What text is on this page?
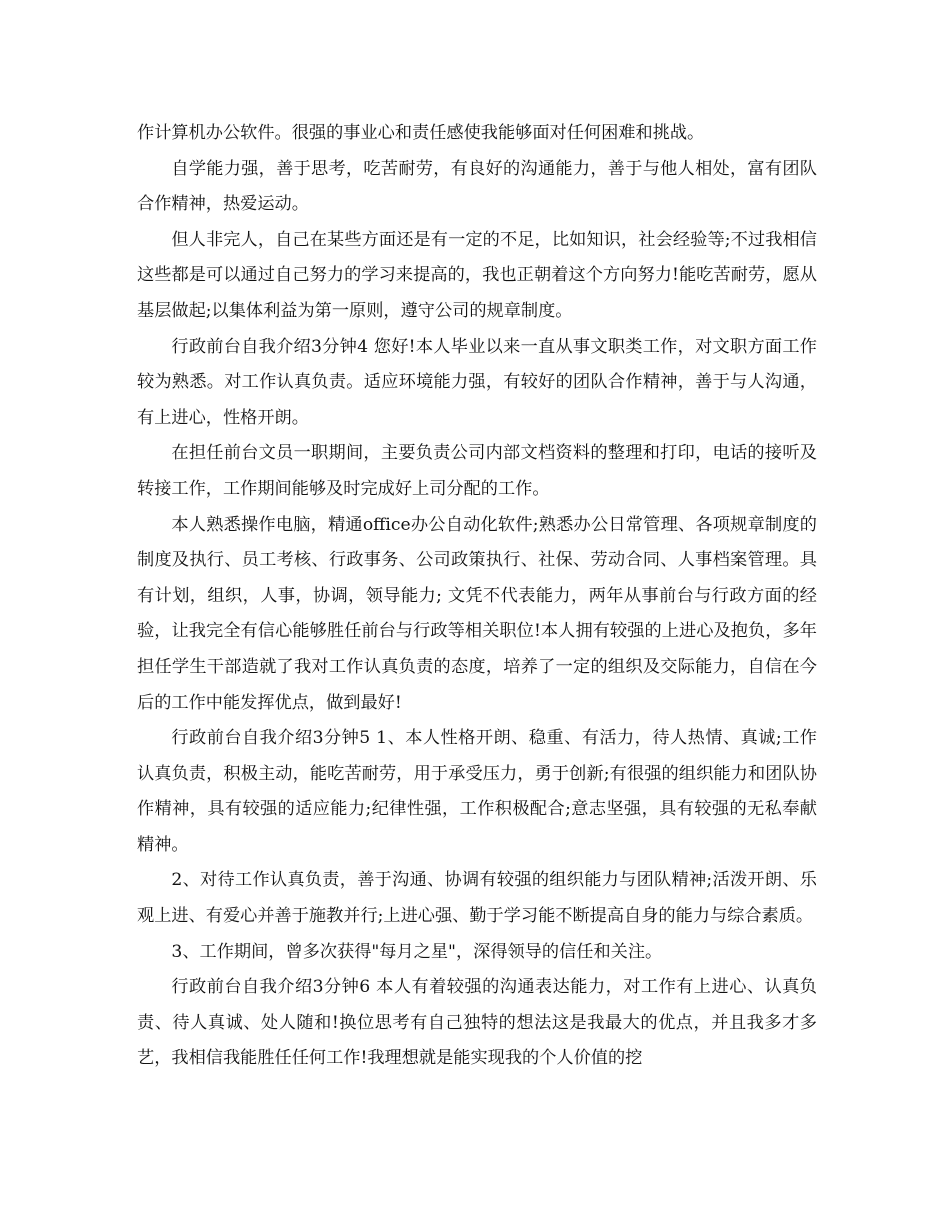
作计算机办公软件。很强的事业心和责任感使我能够面对任何困难和挑战。

自学能力强，善于思考，吃苦耐劳，有良好的沟通能力，善于与他人相处，富有团队合作精神，热爱运动。

但人非完人，自己在某些方面还是有一定的不足，比如知识，社会经验等;不过我相信这些都是可以通过自己努力的学习来提高的，我也正朝着这个方向努力!能吃苦耐劳，愿从基层做起;以集体利益为第一原则，遵守公司的规章制度。

行政前台自我介绍3分钟4 您好!本人毕业以来一直从事文职类工作，对文职方面工作较为熟悉。对工作认真负责。适应环境能力强，有较好的团队合作精神，善于与人沟通，有上进心，性格开朗。

在担任前台文员一职期间，主要负责公司内部文档资料的整理和打印，电话的接听及转接工作，工作期间能够及时完成好上司分配的工作。

本人熟悉操作电脑，精通office办公自动化软件;熟悉办公日常管理、各项规章制度的制度及执行、员工考核、行政事务、公司政策执行、社保、劳动合同、人事档案管理。具有计划，组织，人事，协调，领导能力; 文凭不代表能力，两年从事前台与行政方面的经验，让我完全有信心能够胜任前台与行政等相关职位!本人拥有较强的上进心及抱负，多年担任学生干部造就了我对工作认真负责的态度，培养了一定的组织及交际能力，自信在今后的工作中能发挥优点，做到最好!

行政前台自我介绍3分钟5 1、本人性格开朗、稳重、有活力，待人热情、真诚;工作认真负责，积极主动，能吃苦耐劳，用于承受压力，勇于创新;有很强的组织能力和团队协作精神，具有较强的适应能力;纪律性强，工作积极配合;意志坚强，具有较强的无私奉献精神。

2、对待工作认真负责，善于沟通、协调有较强的组织能力与团队精神;活泼开朗、乐观上进、有爱心并善于施教并行;上进心强、勤于学习能不断提高自身的能力与综合素质。

3、工作期间，曾多次获得"每月之星"，深得领导的信任和关注。

行政前台自我介绍3分钟6 本人有着较强的沟通表达能力，对工作有上进心、认真负责、待人真诚、处人随和!换位思考有自己独特的想法这是我最大的优点，并且我多才多艺，我相信我能胜任任何工作!我理想就是能实现我的个人价值的挖
